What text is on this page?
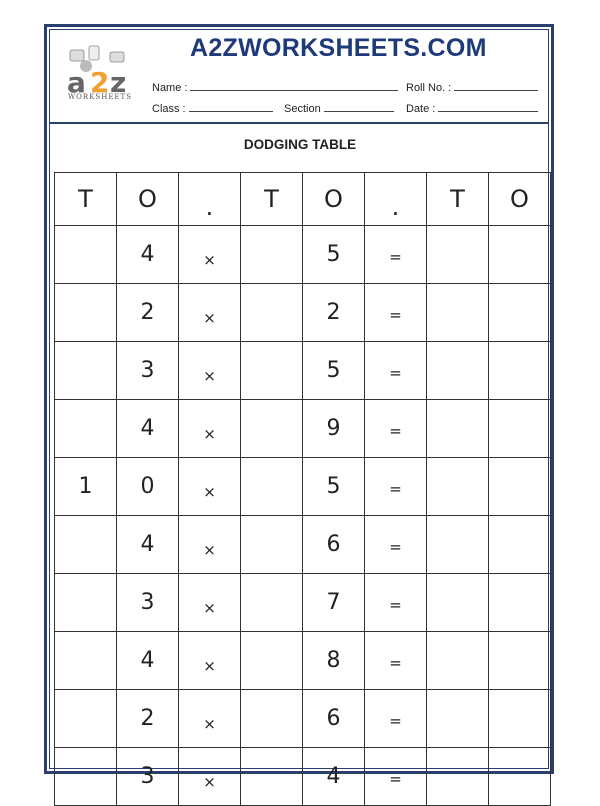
a 2 z
WORKSHEETS
A2ZWORKSHEETS.COM
Name :	Roll No. :
Class :	Section	Date :
DODGING TABLE
T	O	.	T	O	.	T	O
	4	×		5	=		
	2	×		2	=		
	3	×		5	=		
	4	×		9	=		
1	0	×		5	=		
	4	×		6	=		
	3	×		7	=		
	4	×		8	=		
	2	×		6	=		
	3	×		4	=		
